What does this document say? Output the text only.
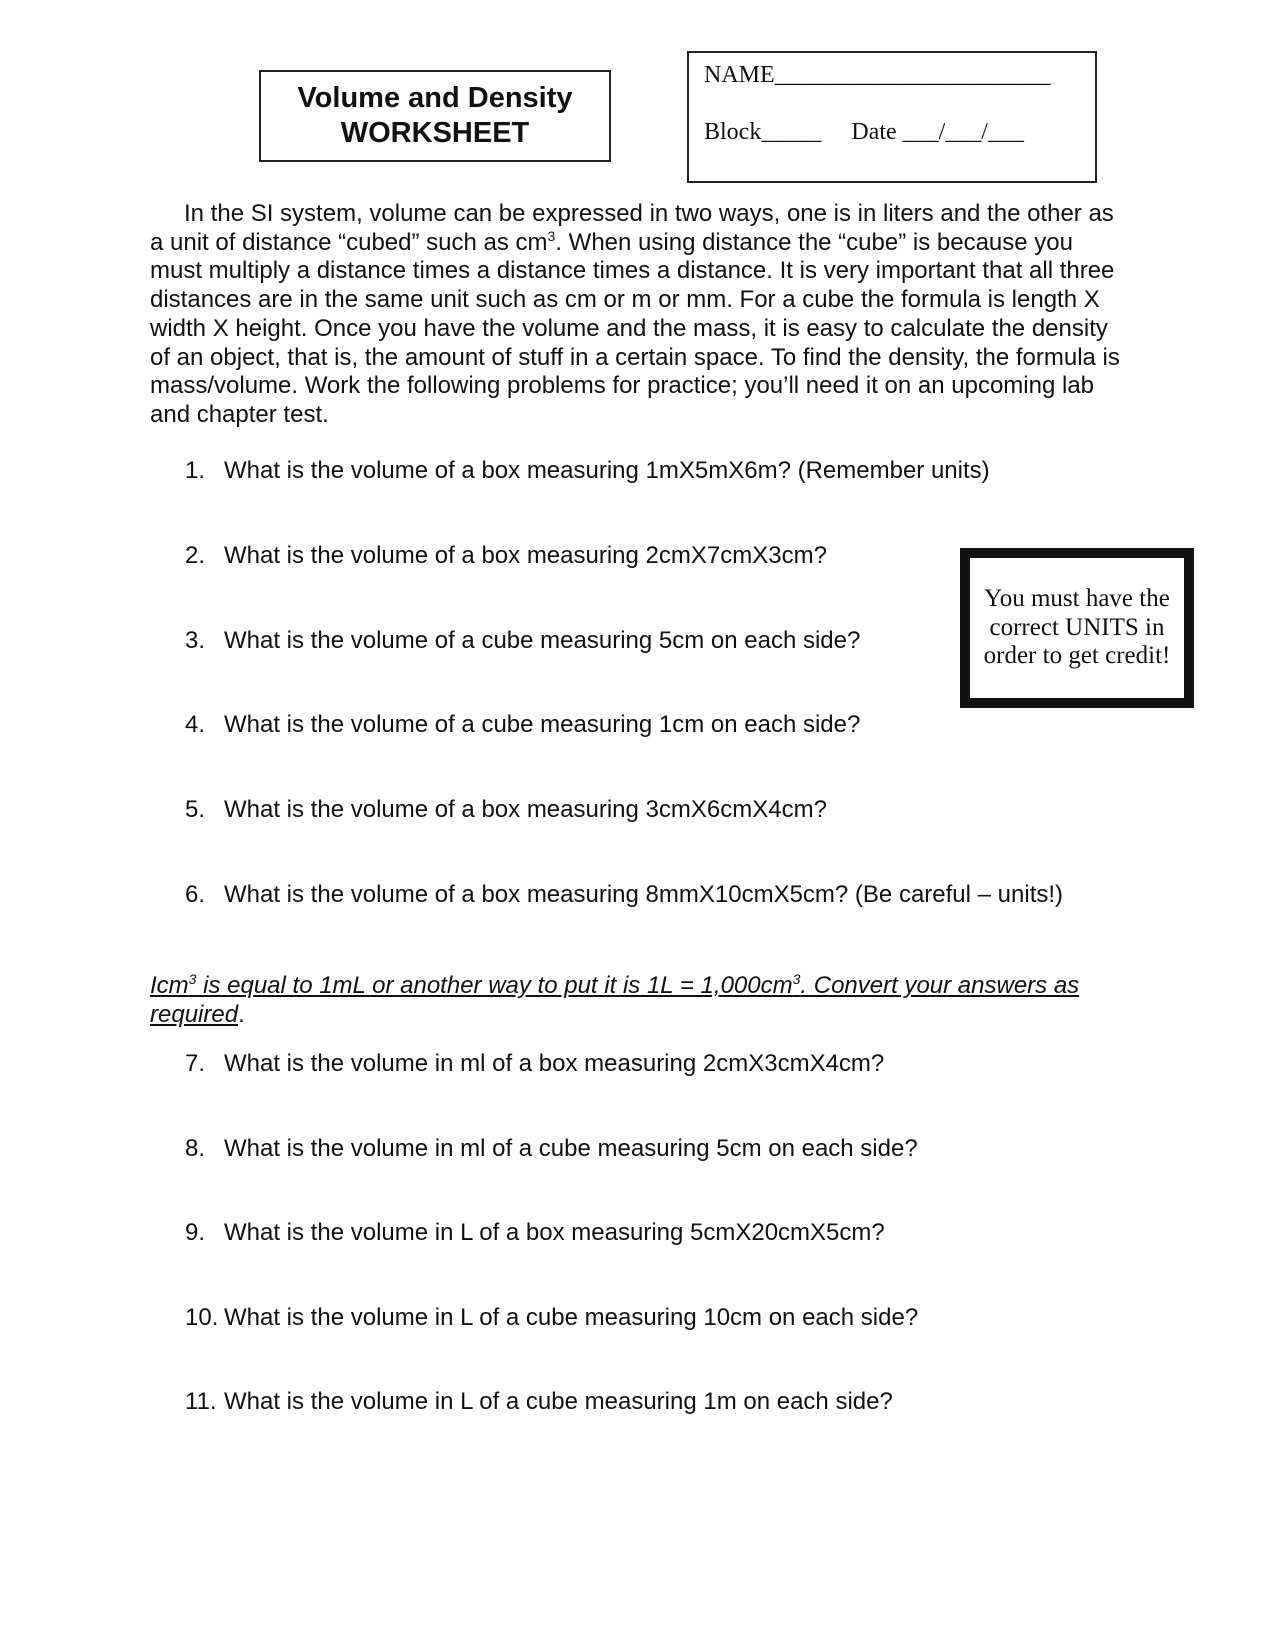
Volume and Density
WORKSHEET
NAME_______________________
Block_____ Date ___/___/___

In the SI system, volume can be expressed in two ways, one is in liters and the other as a unit of distance “cubed” such as $cm^3$. When using distance the “cube” is because you must multiply a distance times a distance times a distance. It is very important that all three distances are in the same unit such as cm or m or mm. For a cube the formula is length X width X height. Once you have the volume and the mass, it is easy to calculate the density of an object, that is, the amount of stuff in a certain space. To find the density, the formula is mass/volume. Work the following problems for practice; you’ll need it on an upcoming lab and chapter test.

1. What is the volume of a box measuring 1mX5mX6m? (Remember units)
2. What is the volume of a box measuring 2cmX7cmX3cm?
3. What is the volume of a cube measuring 5cm on each side?
4. What is the volume of a cube measuring 1cm on each side?
5. What is the volume of a box measuring 3cmX6cmX4cm?
6. What is the volume of a box measuring 8mmX10cmX5cm? (Be careful – units!)
You must have the correct UNITS in order to get credit!

Icm$^3$ is equal to 1mL or another way to put it is $1L = 1,000cm^3$. Convert your answers as required.

7. What is the volume in ml of a box measuring 2cmX3cmX4cm?
8. What is the volume in ml of a cube measuring 5cm on each side?
9. What is the volume in L of a box measuring 5cmX20cmX5cm?
10. What is the volume in L of a cube measuring 10cm on each side?
11. What is the volume in L of a cube measuring 1m on each side?
